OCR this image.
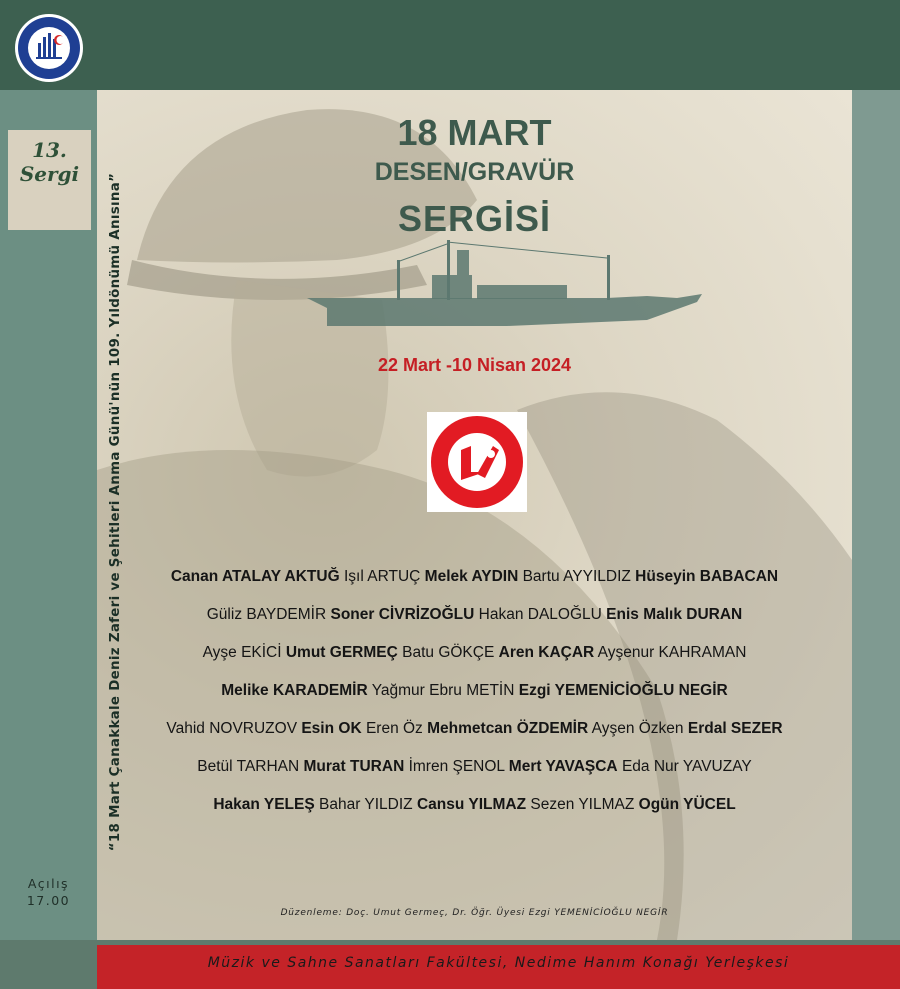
13.
Sergi
Açılış
17.00
18 MART
DESEN/GRAVÜR
SERGİSİ
22 Mart -10 Nisan 2024
Canan ATALAY AKTUĞ Işıl ARTUÇ Melek AYDIN Bartu AYYILDIZ Hüseyin BABACAN
Güliz BAYDEMİR Soner CİVRİZOĞLU Hakan DALOĞLU Enis Malık DURAN
Ayşe EKİCİ Umut GERMEÇ Batu GÖKÇE Aren KAÇAR Ayşenur KAHRAMAN
Melike KARADEMİR Yağmur Ebru METİN Ezgi YEMENİCİOĞLU NEGİR
Vahid NOVRUZOV Esin OK Eren Öz Mehmetcan ÖZDEMİR Ayşen Özken Erdal SEZER
Betül TARHAN Murat TURAN İmren ŞENOL Mert YAVAŞCA Eda Nur YAVUZAY
Hakan YELEŞ Bahar YILDIZ Cansu YILMAZ Sezen YILMAZ Ogün YÜCEL
Düzenleme: Doç. Umut Germeç, Dr. Öğr. Üyesi Ezgi YEMENİCİOĞLU NEGİR
“18 Mart Çanakkale Deniz Zaferi ve Şehitleri Anma Günü'nün 109. Yıldönümü Anısına”
Müzik ve Sahne Sanatları Fakültesi, Nedime Hanım Konağı Yerleşkesi
